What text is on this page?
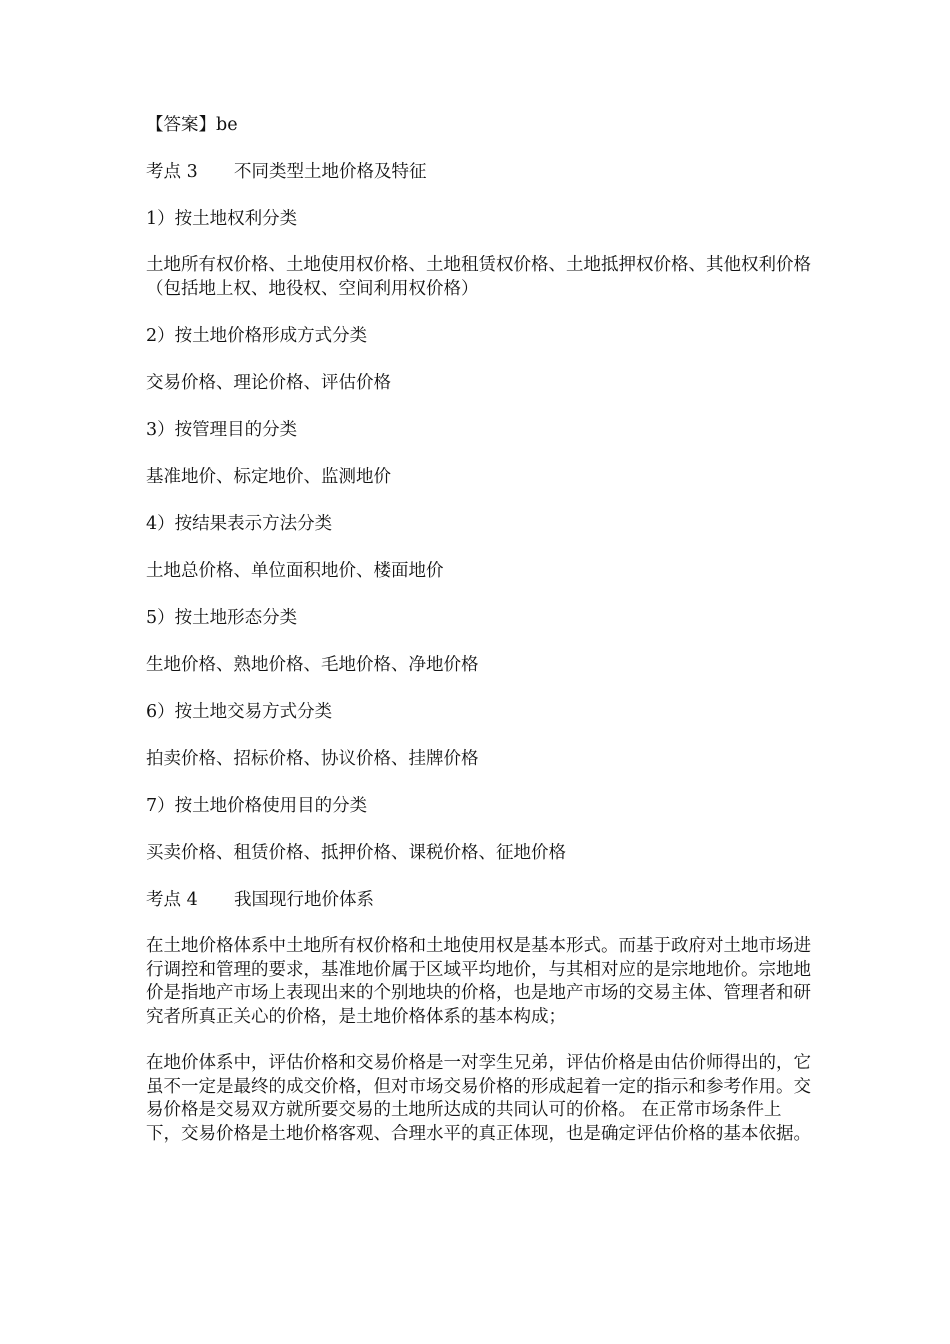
【答案】be

考点 3 不同类型土地价格及特征

1）按土地权利分类

土地所有权价格、土地使用权价格、土地租赁权价格、土地抵押权价格、其他权利价格（包括地上权、地役权、空间利用权价格）

2）按土地价格形成方式分类

交易价格、理论价格、评估价格

3）按管理目的分类

基准地价、标定地价、监测地价

4）按结果表示方法分类

土地总价格、单位面积地价、楼面地价

5）按土地形态分类

生地价格、熟地价格、毛地价格、净地价格

6）按土地交易方式分类

拍卖价格、招标价格、协议价格、挂牌价格

7）按土地价格使用目的分类

买卖价格、租赁价格、抵押价格、课税价格、征地价格

考点 4 我国现行地价体系

在土地价格体系中土地所有权价格和土地使用权是基本形式。而基于政府对土地市场进行调控和管理的要求，基准地价属于区域平均地价，与其相对应的是宗地地价。宗地地价是指地产市场上表现出来的个别地块的价格，也是地产市场的交易主体、管理者和研究者所真正关心的价格，是土地价格体系的基本构成；

在地价体系中，评估价格和交易价格是一对孪生兄弟，评估价格是由估价师得出的，它虽不一定是最终的成交价格，但对市场交易价格的形成起着一定的指示和参考作用。交易价格是交易双方就所要交易的土地所达成的共同认可的价格。 在正常市场条件上下，交易价格是土地价格客观、合理水平的真正体现，也是确定评估价格的基本依据。
